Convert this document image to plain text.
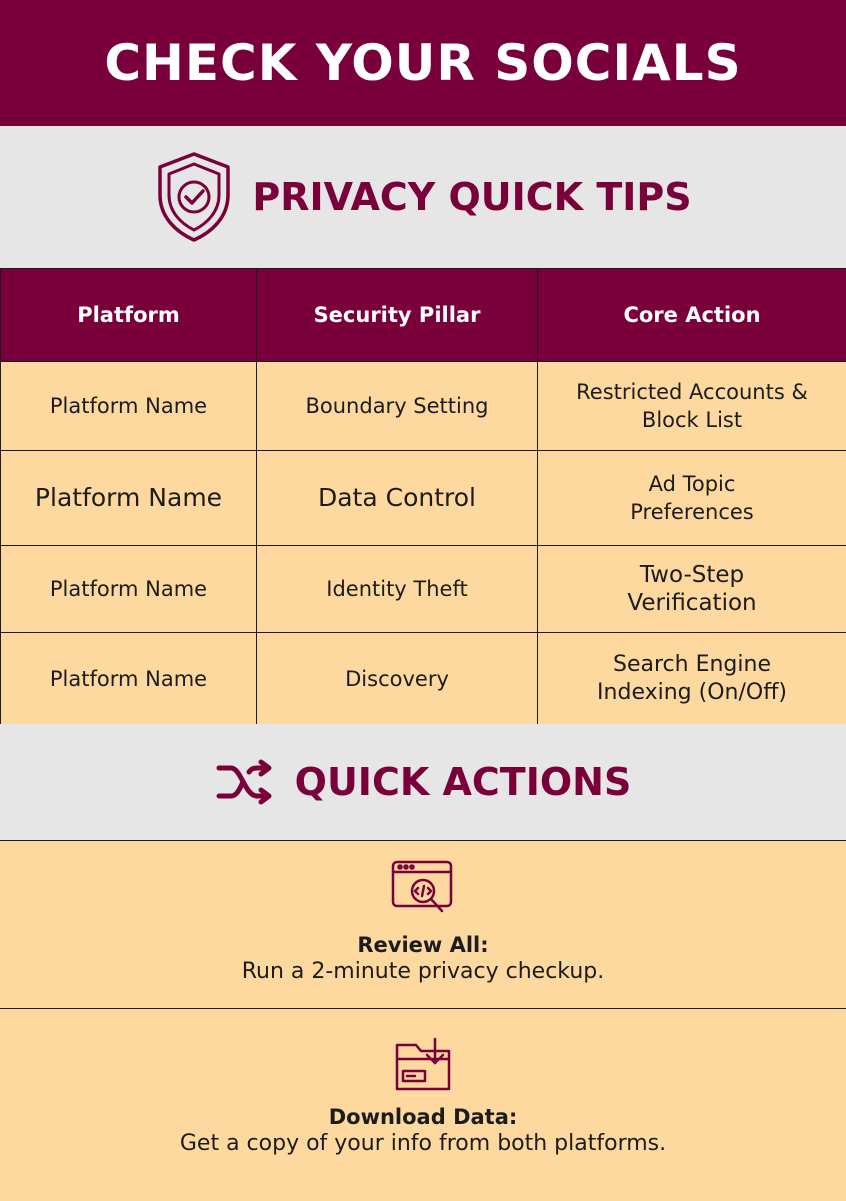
CHECK YOUR SOCIALS
PRIVACY QUICK TIPS
Platform	Security Pillar	Core Action
Platform Name	Boundary Setting	Restricted Accounts &
Block List
Platform Name	Data Control	Ad Topic
Preferences
Platform Name	Identity Theft	Two-Step
Verification
Platform Name	Discovery	Search Engine
Indexing (On/Off)
QUICK ACTIONS
Review All:
Run a 2-minute privacy checkup.
Download Data:
Get a copy of your info from both platforms.
